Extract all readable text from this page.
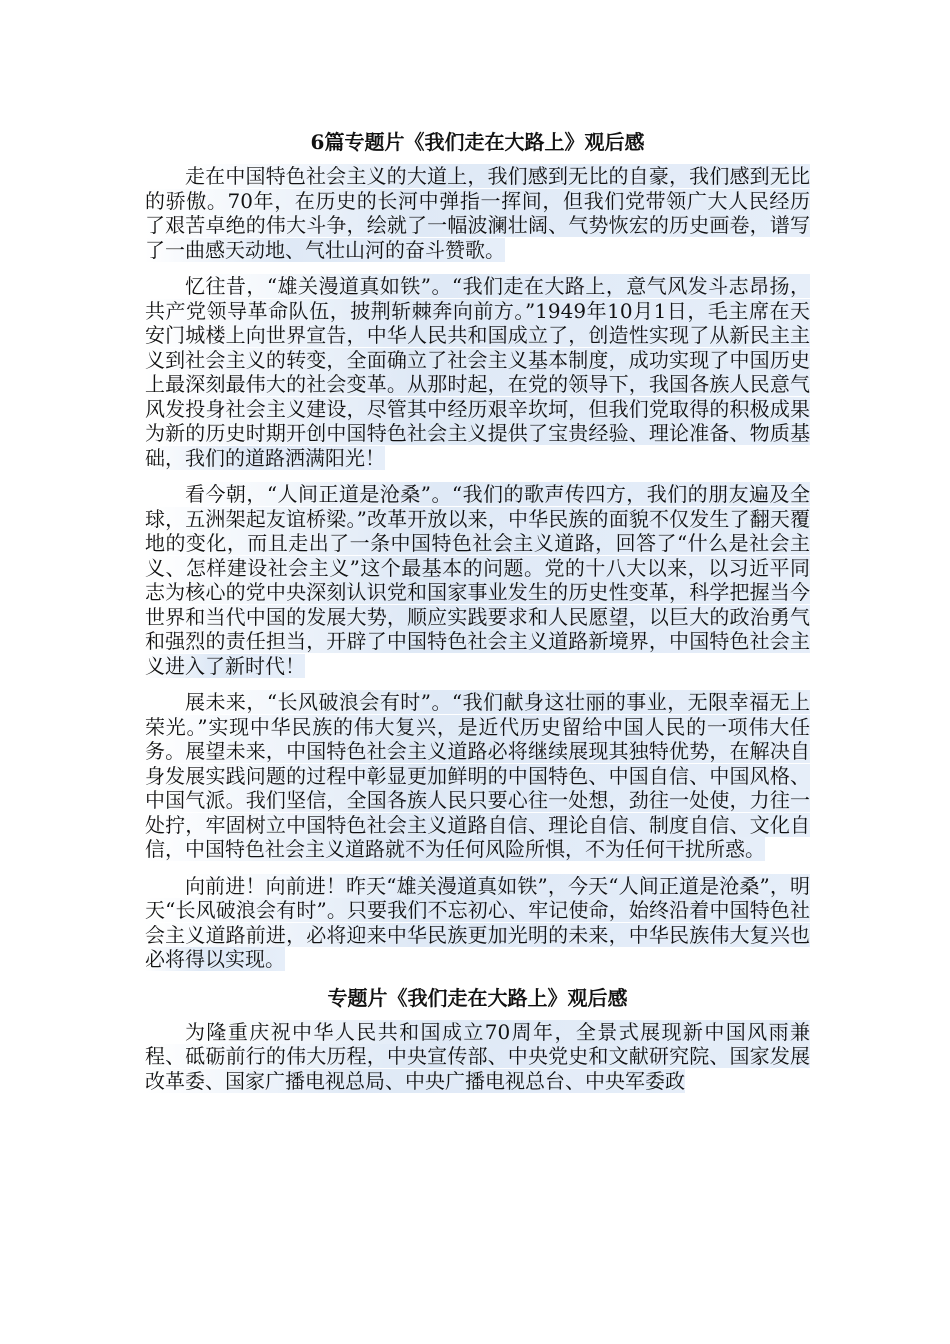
6篇专题片《我们走在大路上》观后感

走在中国特色社会主义的大道上，我们感到无比的自豪，我们感到无比的骄傲。70年，在历史的长河中弹指一挥间，但我们党带领广大人民经历了艰苦卓绝的伟大斗争，绘就了一幅波澜壮阔、气势恢宏的历史画卷，谱写了一曲感天动地、气壮山河的奋斗赞歌。

忆往昔，“雄关漫道真如铁”。“我们走在大路上，意气风发斗志昂扬，共产党领导革命队伍，披荆斩棘奔向前方。”1949年10月1日，毛主席在天安门城楼上向世界宣告，中华人民共和国成立了，创造性实现了从新民主主义到社会主义的转变，全面确立了社会主义基本制度，成功实现了中国历史上最深刻最伟大的社会变革。从那时起，在党的领导下，我国各族人民意气风发投身社会主义建设，尽管其中经历艰辛坎坷，但我们党取得的积极成果为新的历史时期开创中国特色社会主义提供了宝贵经验、理论准备、物质基础，我们的道路洒满阳光！

看今朝，“人间正道是沧桑”。“我们的歌声传四方，我们的朋友遍及全球，五洲架起友谊桥梁。”改革开放以来，中华民族的面貌不仅发生了翻天覆地的变化，而且走出了一条中国特色社会主义道路，回答了“什么是社会主义、怎样建设社会主义”这个最基本的问题。党的十八大以来，以习近平同志为核心的党中央深刻认识党和国家事业发生的历史性变革，科学把握当今世界和当代中国的发展大势，顺应实践要求和人民愿望，以巨大的政治勇气和强烈的责任担当，开辟了中国特色社会主义道路新境界，中国特色社会主义进入了新时代！

展未来，“长风破浪会有时”。“我们献身这壮丽的事业，无限幸福无上荣光。”实现中华民族的伟大复兴，是近代历史留给中国人民的一项伟大任务。展望未来，中国特色社会主义道路必将继续展现其独特优势，在解决自身发展实践问题的过程中彰显更加鲜明的中国特色、中国自信、中国风格、中国气派。我们坚信，全国各族人民只要心往一处想，劲往一处使，力往一处拧，牢固树立中国特色社会主义道路自信、理论自信、制度自信、文化自信，中国特色社会主义道路就不为任何风险所惧，不为任何干扰所惑。

向前进！向前进！昨天“雄关漫道真如铁”，今天“人间正道是沧桑”，明天“长风破浪会有时”。只要我们不忘初心、牢记使命，始终沿着中国特色社会主义道路前进，必将迎来中华民族更加光明的未来，中华民族伟大复兴也必将得以实现。

专题片《我们走在大路上》观后感

为隆重庆祝中华人民共和国成立70周年，全景式展现新中国风雨兼程、砥砺前行的伟大历程，中央宣传部、中央党史和文献研究院、国家发展改革委、国家广播电视总局、中央广播电视总台、中央军委政
